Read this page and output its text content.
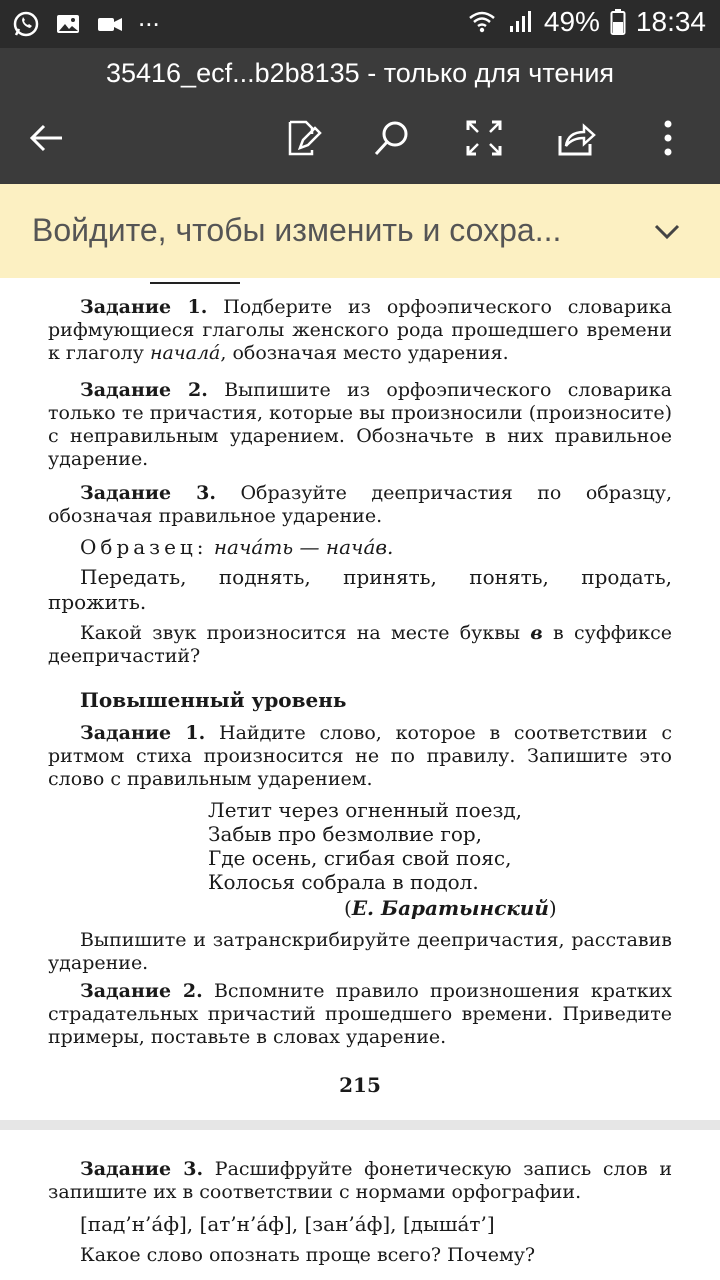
...	49% 18:34
35416_ecf...b2b8135 - только для чтения
Войдите, чтобы изменить и сохра...
Задание 1. Подберите из орфоэпического словарика рифмующиеся глаголы женского рода прошедшего времени к глаголу начала́, обозначая место ударения.
Задание 2. Выпишите из орфоэпического словарика только те причастия, которые вы произносили (произносите) с неправильным ударением. Обозначьте в них правильное ударение.
Задание 3. Образуйте деепричастия по образцу, обозначая правильное ударение.
Образец: нача́ть — нача́в.
Передать, поднять, принять, понять, продать, прожить.
Какой звук произносится на месте буквы в в суффиксе деепричастий?
Повышенный уровень
Задание 1. Найдите слово, которое в соответствии с ритмом стиха произносится не по правилу. Запишите это слово с правильным ударением.
Летит через огненный поезд,
Забыв про безмолвие гор,
Где осень, сгибая свой пояс,
Колосья собрала в подол.
(Е. Баратынский)
Выпишите и затранскрибируйте деепричастия, расставив ударение.
Задание 2. Вспомните правило произношения кратких страдательных причастий прошедшего времени. Приведите примеры, поставьте в словах ударение.
215
Задание 3. Расшифруйте фонетическую запись слов и запишите их в соответствии с нормами орфографии.
[пад’н’а́ф], [ат’н’а́ф], [зан’а́ф], [дыша́т’]
Какое слово опознать проще всего? Почему?
